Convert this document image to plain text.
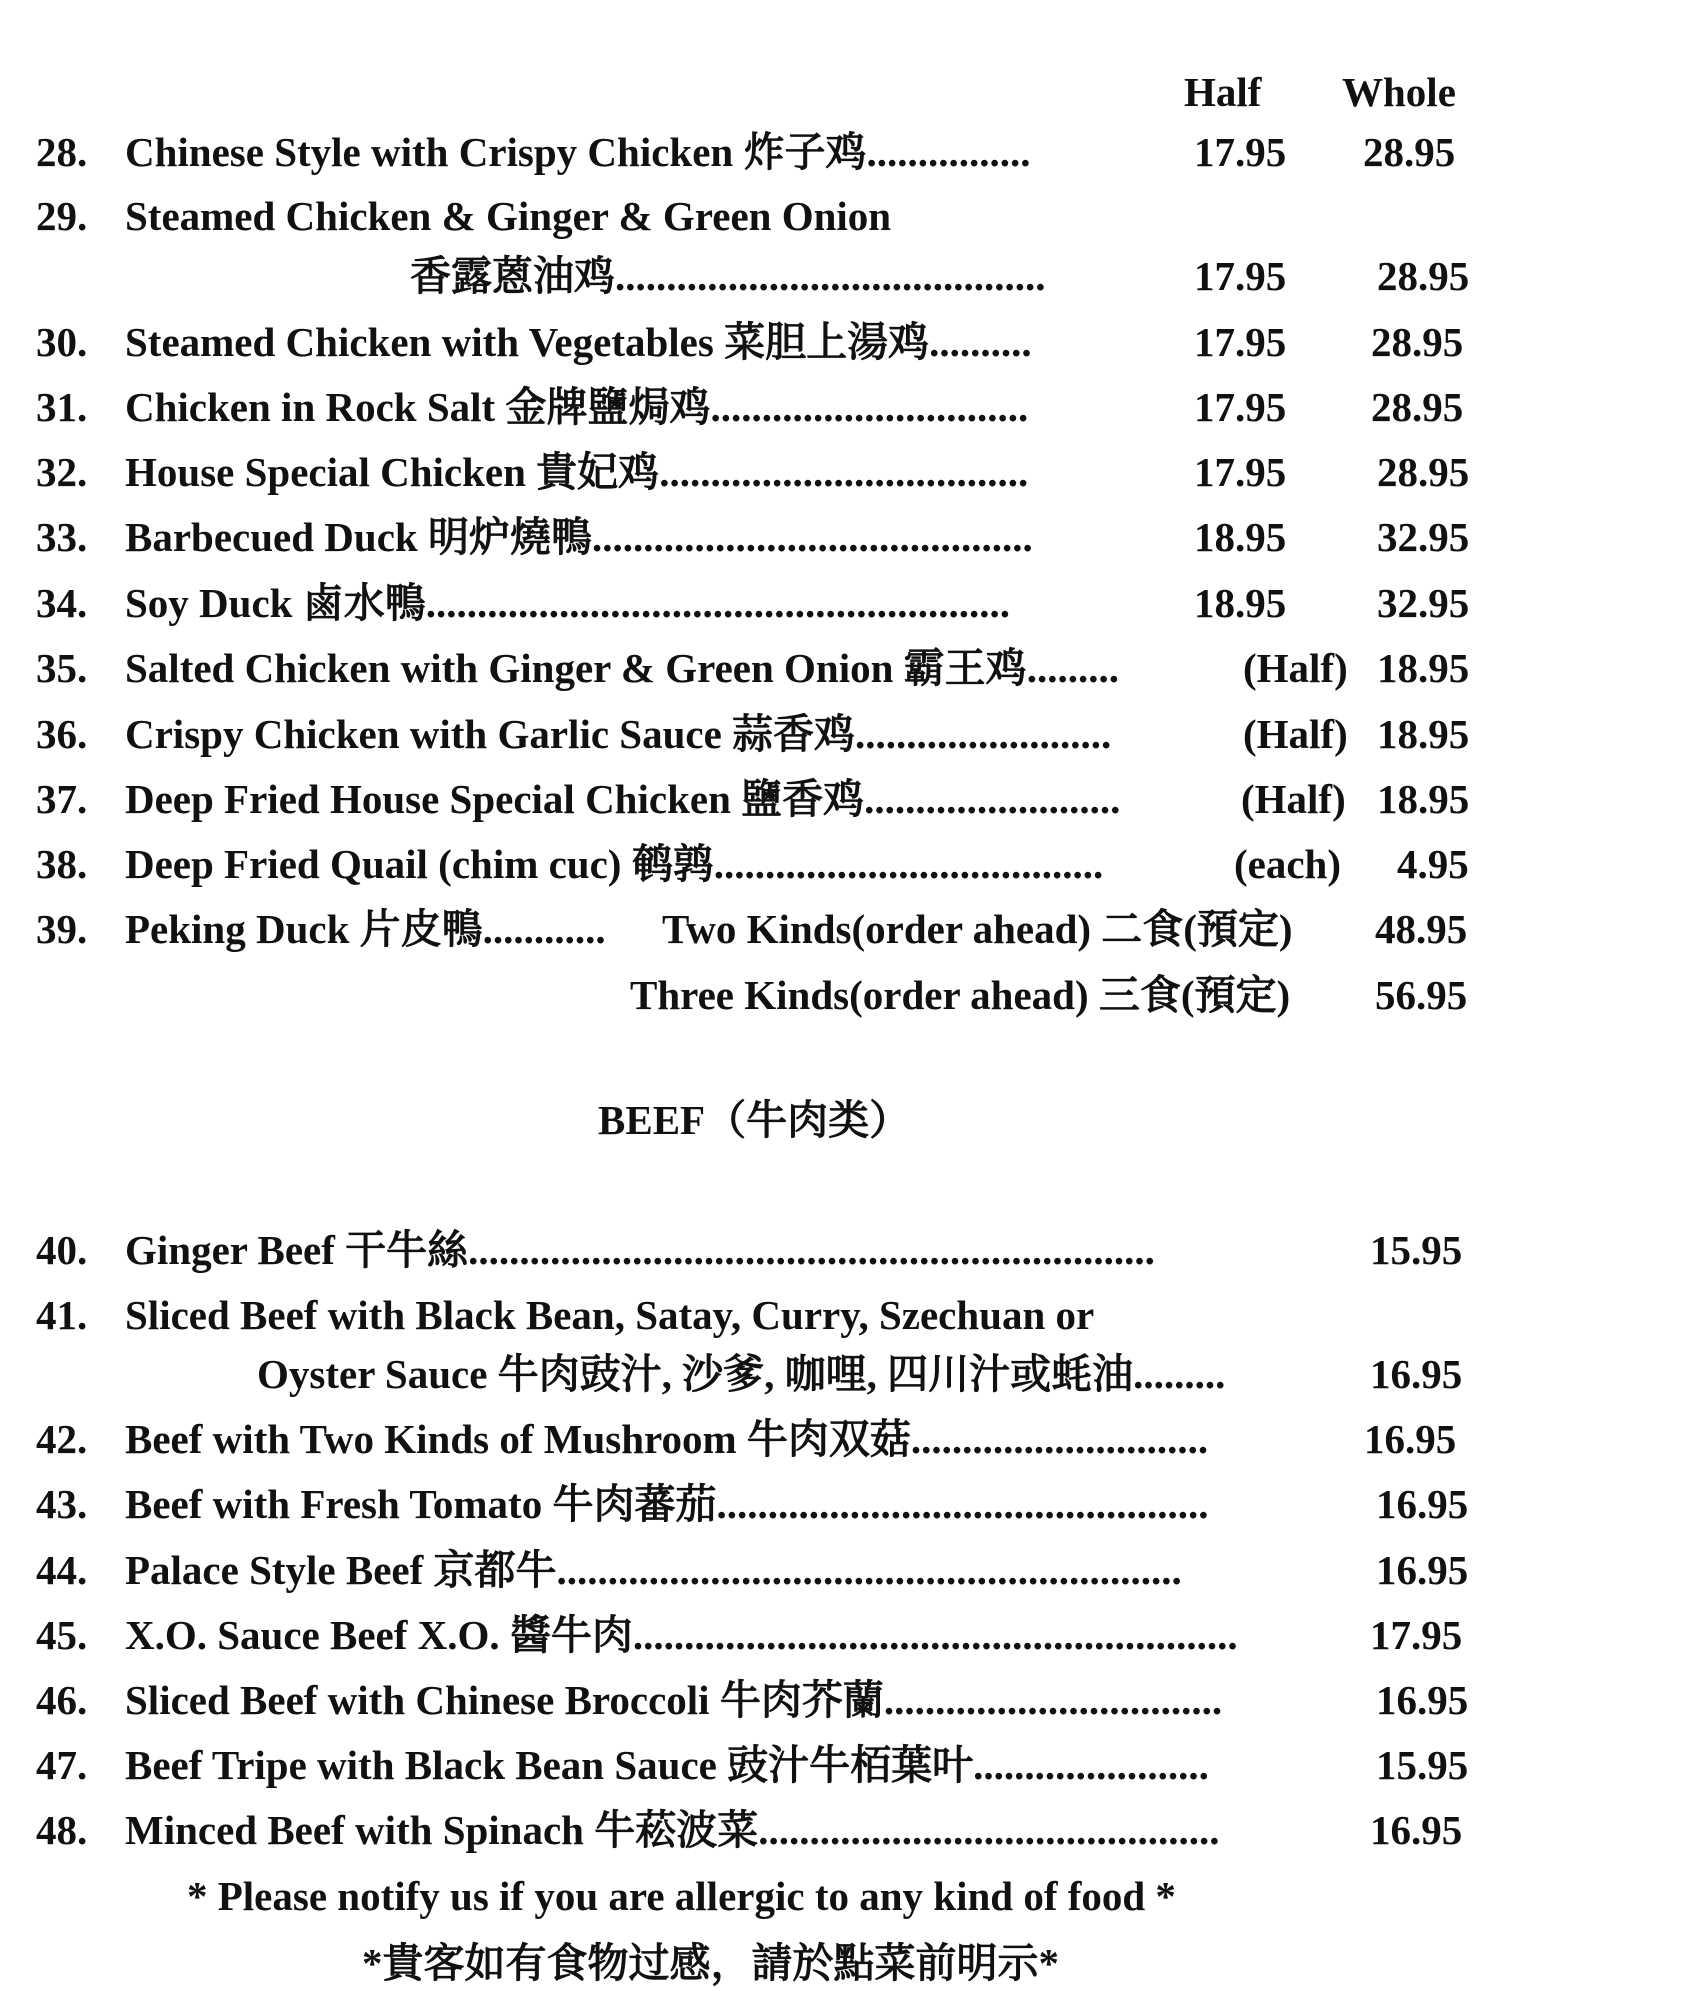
Half Whole
28. Chinese Style with Crispy Chicken 炸子鸡................	17.95 28.95
29. Steamed Chicken & Ginger & Green Onion
香露蒽油鸡..........................................	17.95 28.95
30. Steamed Chicken with Vegetables 菜胆上湯鸡..........	17.95 28.95
31. Chicken in Rock Salt 金牌鹽焗鸡...............................	17.95 28.95
32. House Special Chicken 貴妃鸡....................................	17.95 28.95
33. Barbecued Duck 明炉燒鴨...........................................	18.95 32.95
34. Soy Duck 鹵水鴨.........................................................	18.95 32.95
35. Salted Chicken with Ginger & Green Onion 霸王鸡.........	(Half) 18.95
36. Crispy Chicken with Garlic Sauce 蒜香鸡.........................	(Half) 18.95
37. Deep Fried House Special Chicken 鹽香鸡.........................	(Half) 18.95
38. Deep Fried Quail (chim cuc) 鹌鹑......................................	(each) 4.95
39. Peking Duck 片皮鴨............ Two Kinds(order ahead) 二食(預定) 48.95
Three Kinds(order ahead) 三食(預定) 56.95
BEEF（牛肉类）
40. Ginger Beef 干牛絲...................................................................	15.95
41. Sliced Beef with Black Bean, Satay, Curry, Szechuan or
Oyster Sauce 牛肉豉汁, 沙爹, 咖哩, 四川汁或蚝油.........	16.95
42. Beef with Two Kinds of Mushroom 牛肉双菇.............................	16.95
43. Beef with Fresh Tomato 牛肉蕃茄................................................	16.95
44. Palace Style Beef 京都牛.............................................................	16.95
45. X.O. Sauce Beef X.O. 醬牛肉...........................................................	17.95
46. Sliced Beef with Chinese Broccoli 牛肉芥蘭.................................	16.95
47. Beef Tripe with Black Bean Sauce 豉汁牛栢葉叶.......................	15.95
48. Minced Beef with Spinach 牛菘波菜.............................................	16.95
* Please notify us if you are allergic to any kind of food *
*貴客如有食物过感，請於點菜前明示*
